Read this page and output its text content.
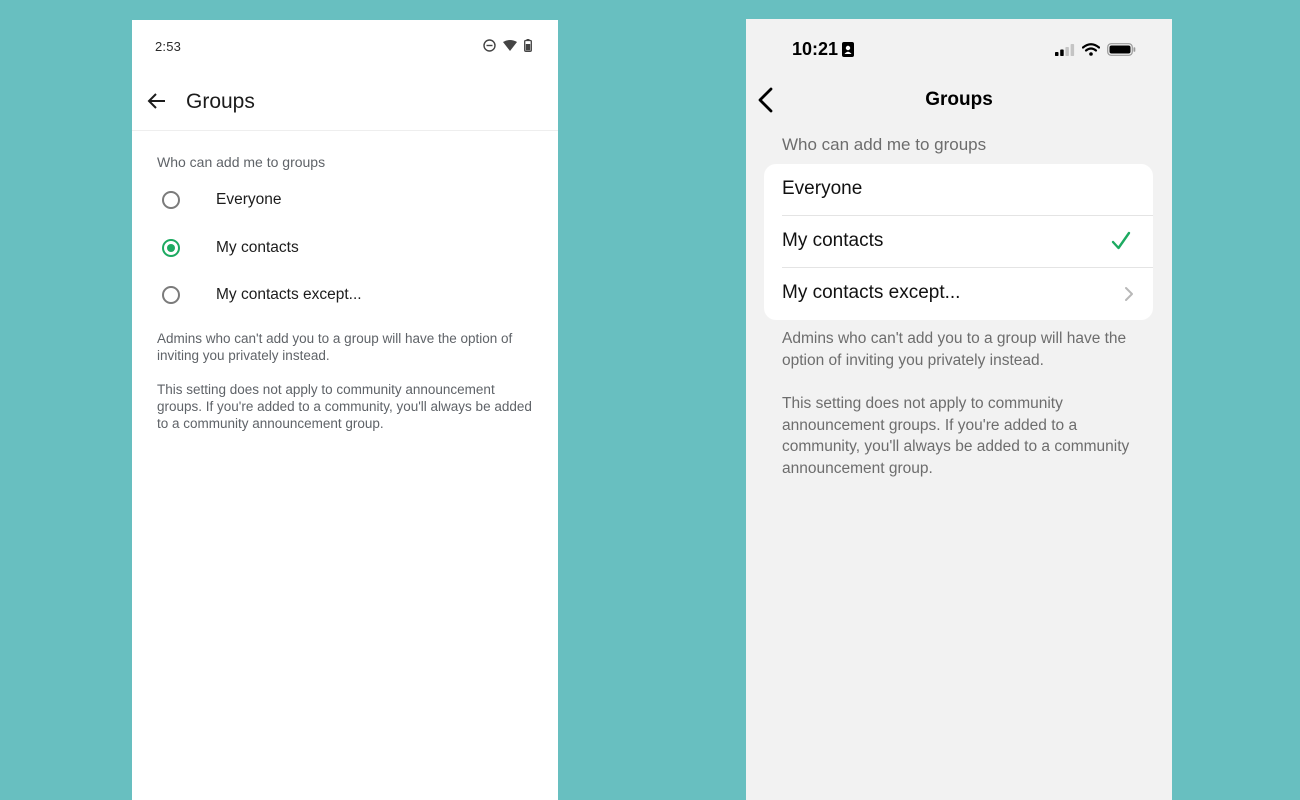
2:53
Groups
Who can add me to groups
Everyone
My contacts
My contacts except...
Admins who can't add you to a group will have the option of inviting you privately instead.
This setting does not apply to community announcement groups. If you're added to a community, you'll always be added to a community announcement group.
10:21
Groups
Who can add me to groups
Everyone
My contacts
My contacts except...
Admins who can't add you to a group will have the option of inviting you privately instead.
This setting does not apply to community announcement groups. If you're added to a community, you'll always be added to a community announcement group.
